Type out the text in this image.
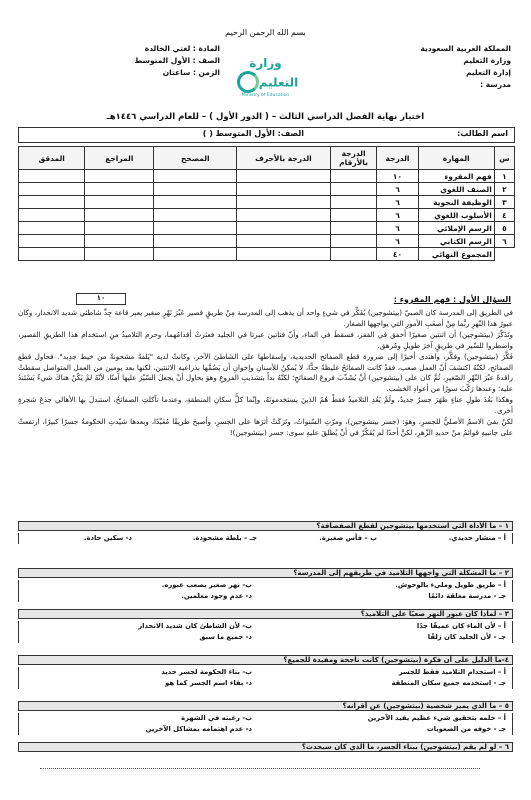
بسم الله الرحمن الرحيم
المملكة العربية السعودية
وزارة التعليم
إدارة التعليم
مدرسة :
وزارة التعليم
Ministry of Education
المادة : لغتي الخالدة
الصف : الأول المتوسط
الزمن : ساعتان
اختبار نهاية الفصل الدراسي الثالث – ( الدور الأول ) – للعام الدراسي ١٤٤٦هـ
اسم الطالب:
الصف: الأول المتوسط ( )
س	المهارة	الدرجة	الدرجة بالأرقام	الدرجة بالأحرف	المصحح	المراجع	المدقق
١	فهم المقروء	١٠					
٢	الصنف اللغوي	٦					
٣	الوظيفة النحوية	٦					
٤	الأسلوب اللغوي	٦					
٥	الرسم الإملائي	٦					
٦	الرسم الكتابي	٦					
	المجموع النهائي	٤٠					
١٠	السؤال الأول : فهم المقروء :

في الطريق إلى المدرسة كان الصبيّ (بيتشوجين) يُفَكِّر في شيءٍ واحد أن يذهب إلى المدرسة مِنْ طريقٍ قصير عَبْرَ نَهْرٍ صغير يعبر قاعة جِدِّ شاطئي شديد الانحدار، وكان عبورُ هذا النّهرِ ربَّما مِنْ أصعَبِ الأمورِ التي يواجهها الصغار.

وتَذَكّرَ (بيتشوجين) أن اثنتين صغيرًا أخفق في القفز، فسقطَ في الماء، وأنّ فتاتين عبرتا في الجليد فعثرتْ أقدامُهما، وحرم التلاميذُ منِ استخدام هذا الطريقِ القصير، واضطروا للسّير في طريقٍ آخرَ طويلٍ ومُرهق.

فَكَّرَ (بيتشوجين) وفكَّر، واهتدى أخيرًا إلى ضرورة قطع الصفائح الحديدية، وإسقاطها على الشاطئ الآخر، وكانتْ لديه "يَلفةُ مشحونةٌ من خيط جدِيد". فحاول قطع الصفائح، لكنّهُ اكتشفَ أنّ العمل صعب، فقدْ كانت الصفائحُ غليظةً جدًّا، لا يُمكِنُ للأسنانِ وإخوانِ أن يَضُمَّها بذراعيه الاثنتين، لكنها بعد يومين من العمل المتواصل سقطتْ راقدةً عبْرَ النّهْرِ الصّغيرِ، ثُمَّ كان على (بيتشوجين) أنْ يُشَذّبَ فروعَ الصفائحِ؛ لكنّهُ بدأَ بتشذيبِ الفروعِ وهوَ يحاول أنْ يجعلَ السّيْرَ عليها آمنًا، لأنّهُ لمْ يَكُنْ هناكَ شيءٌ يَسْتَندُ عليه؛ وعندها رَكّبَ سورًا من أعوادِ الخشب.

وهكذا بَعُدَ طولِ عناءٍ ظهَرَ جسرٌ جديدٌ، ولَمْ يَعُدِ التلاميذُ فقطْ هُمُ الذينَ يستخدمونَهُ، وإنّما كلُّ سكانِ المنطقةِ، وعندما تآكلتِ الصفائحُ، استبدلَ بها الأهالي جذعَ شجرةٍ أخرى.

لكنْ بقيَ الاسمُ الأصليُّ للجسرِ، وهوَ: (جسر بيتشوجين)، ومرّتِ السّنواتُ، وتَرَكَتْ أثرَها على الجسرِ، وأصبحَ طريقًا مُعَبّدًا، وبعدها شيّدتِ الحكومةُ جسرًا كبيرًا، ارتفعتْ على جانبيهِ قوائمُ منْ حديدِ الزّهرِ، لكنَّ أحدًا لم يُفَكّرْ في أنْ يُطلقَ عليهِ سوى: جسر (بيتشوجين)!

١ – ما الأداة التي استخدمها بيتشوجين لقطع الصفصافة؟
أ – منشار حديدي.
ب – فأس صغيرة.
جـ – بلطة مشحوذة.
د- سكين حادة.
٢ – ما المشكلة التي واجهها التلاميذ في طريقهم إلى المدرسة؟
أ – طريق طويل ومليء بالوحوش.
ب- نهر صغير يصعب عبوره.
جـ - مدرسة مغلقة دائمًا
د- عدم وجود معلمين.
٣ – لماذا كان عبور النهر صعبًا على التلاميذ؟
أ – لأن الماء كان عميقًا جدًا
ب- لأن الشاطئ كان شديد الانحدار
جـ - لأن الجليد كان زلقًا
د- جميع ما سبق
٤-ما الدليل على أن فكرة (بيتشوجين) كانت ناجحة ومفيدة للجميع؟
أ – استخدام التلاميذ فقط للجسر
ب- بناء الحكومة لجسر جديد
جـ - استخدمه جميع سكان المنطقة
د- بقاء اسم الجسر كما هو
٥ – ما الذي يميز شخصية (بيتشوجين) عن أقرانه؟
أ – حلمه بتحقيق شيء عظيم يفيد الآخرين
ب- رغبته في الشهرة
جـ - خوفه من الصعوبات
د- عدم اهتمامه بمشاكل الآخرين
٦ – لو لم يقم (بيتشوجين) ببناء الجسر، ما الذي كان سيحدث؟
